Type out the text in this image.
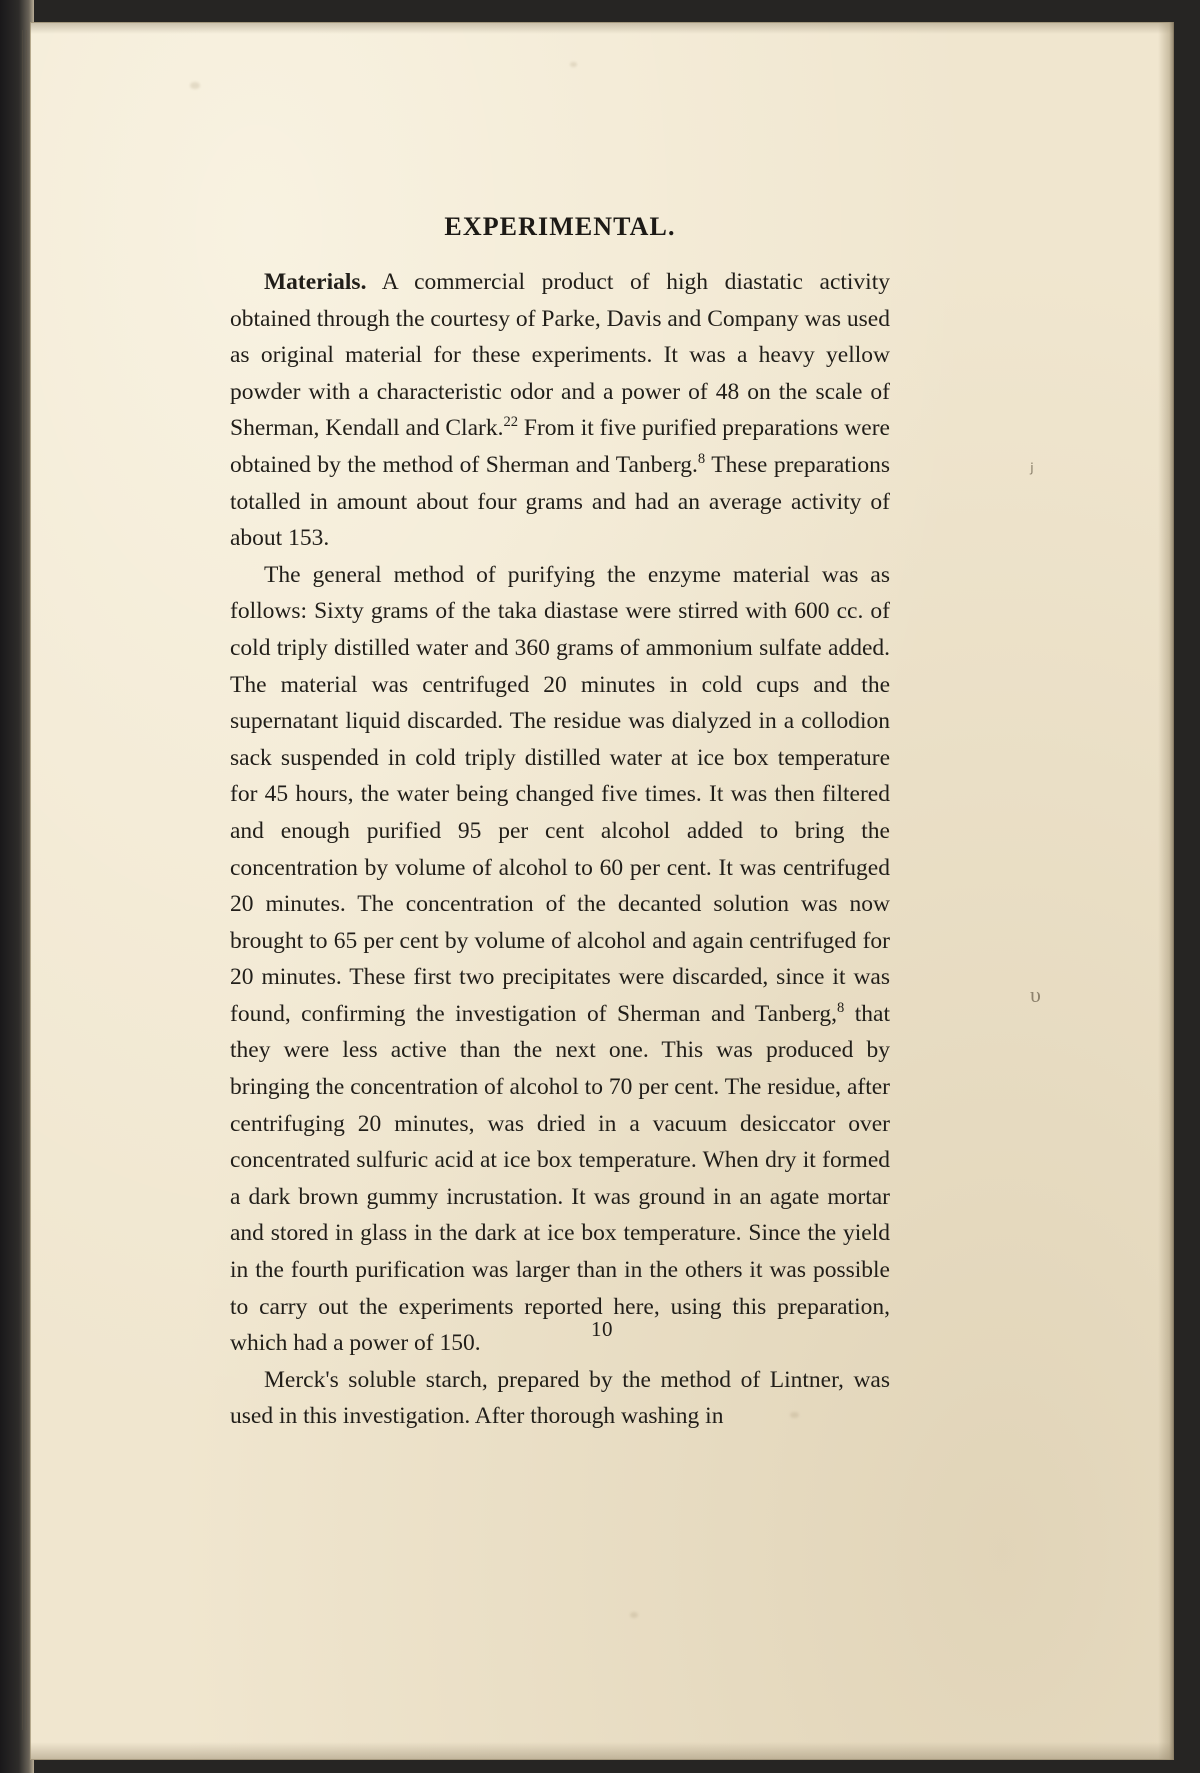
ⱼ
υ
EXPERIMENTAL.

Materials. A commercial product of high diastatic activity obtained through the courtesy of Parke, Davis and Company was used as original material for these experiments. It was a heavy yellow powder with a characteristic odor and a power of 48 on the scale of Sherman, Kendall and Clark.$^{22}$ From it five purified preparations were obtained by the method of Sherman and Tanberg.$^8$ These preparations totalled in amount about four grams and had an average activity of about 153.

The general method of purifying the enzyme material was as follows: Sixty grams of the taka diastase were stirred with 600 cc. of cold triply distilled water and 360 grams of ammonium sulfate added. The material was centrifuged 20 minutes in cold cups and the supernatant liquid discarded. The residue was dialyzed in a collodion sack suspended in cold triply distilled water at ice box temperature for 45 hours, the water being changed five times. It was then filtered and enough purified 95 per cent alcohol added to bring the concentration by volume of alcohol to 60 per cent. It was centrifuged 20 minutes. The concentration of the decanted solution was now brought to 65 per cent by volume of alcohol and again centrifuged for 20 minutes. These first two precipitates were discarded, since it was found, confirming the investigation of Sherman and Tanberg,$^8$ that they were less active than the next one. This was produced by bringing the concentration of alcohol to 70 per cent. The residue, after centrifuging 20 minutes, was dried in a vacuum desiccator over concentrated sulfuric acid at ice box temperature. When dry it formed a dark brown gummy incrustation. It was ground in an agate mortar and stored in glass in the dark at ice box temperature. Since the yield in the fourth purification was larger than in the others it was possible to carry out the experiments reported here, using this preparation, which had a power of 150.

Merck's soluble starch, prepared by the method of Lintner, was used in this investigation. After thorough washing in

10
